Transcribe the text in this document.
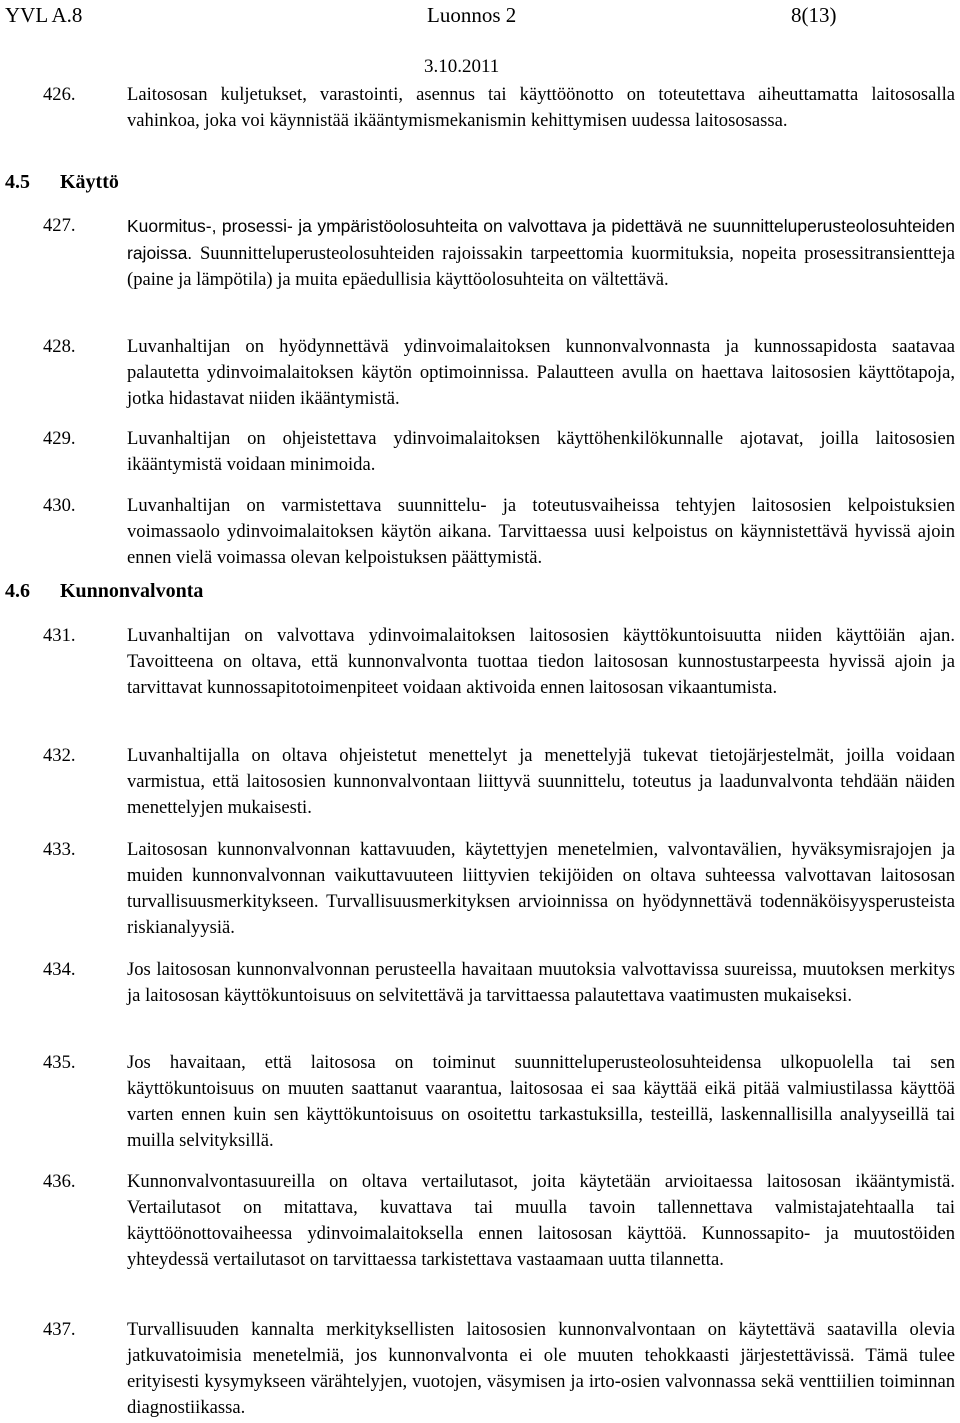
YVL A.8	Luonnos 2	8(13)
3.10.2011
426.	Laitososan kuljetukset, varastointi, asennus tai käyttöönotto on toteutettava aiheuttamatta laitososalla vahinkoa, joka voi käynnistää ikääntymismekanismin kehittymisen uudessa laitososassa.
4.5 Käyttö
427.	Kuormitus-, prosessi- ja ympäristöolosuhteita on valvottava ja pidettävä ne suunnitteluperusteolosuhteiden rajoissa. Suunnitteluperusteolosuhteiden rajoissakin tarpeettomia kuormituksia, nopeita prosessitransientteja (paine ja lämpötila) ja muita epäedullisia käyttöolosuhteita on vältettävä.
428.	Luvanhaltijan on hyödynnettävä ydinvoimalaitoksen kunnonvalvonnasta ja kunnossapidosta saatavaa palautetta ydinvoimalaitoksen käytön optimoinnissa. Palautteen avulla on haettava laitososien käyttötapoja, jotka hidastavat niiden ikääntymistä.
429.	Luvanhaltijan on ohjeistettava ydinvoimalaitoksen käyttöhenkilökunnalle ajotavat, joilla laitososien ikääntymistä voidaan minimoida.
430.	Luvanhaltijan on varmistettava suunnittelu- ja toteutusvaiheissa tehtyjen laitososien kelpoistuksien voimassaolo ydinvoimalaitoksen käytön aikana. Tarvittaessa uusi kelpoistus on käynnistettävä hyvissä ajoin ennen vielä voimassa olevan kelpoistuksen päättymistä.
4.6 Kunnonvalvonta
431.	Luvanhaltijan on valvottava ydinvoimalaitoksen laitososien käyttökuntoisuutta niiden käyttöiän ajan. Tavoitteena on oltava, että kunnonvalvonta tuottaa tiedon laitososan kunnostustarpeesta hyvissä ajoin ja tarvittavat kunnossapitotoimenpiteet voidaan aktivoida ennen laitososan vikaantumista.
432.	Luvanhaltijalla on oltava ohjeistetut menettelyt ja menettelyjä tukevat tietojärjestelmät, joilla voidaan varmistua, että laitososien kunnonvalvontaan liittyvä suunnittelu, toteutus ja laadunvalvonta tehdään näiden menettelyjen mukaisesti.
433.	Laitososan kunnonvalvonnan kattavuuden, käytettyjen menetelmien, valvontavälien, hyväksymisrajojen ja muiden kunnonvalvonnan vaikuttavuuteen liittyvien tekijöiden on oltava suhteessa valvottavan laitososan turvallisuusmerkitykseen. Turvallisuusmerkityksen arvioinnissa on hyödynnettävä todennäköisyysperusteista riskianalyysiä.
434.	Jos laitososan kunnonvalvonnan perusteella havaitaan muutoksia valvottavissa suureissa, muutoksen merkitys ja laitososan käyttökuntoisuus on selvitettävä ja tarvittaessa palautettava vaatimusten mukaiseksi.
435.	Jos havaitaan, että laitososa on toiminut suunnitteluperusteolosuhteidensa ulkopuolella tai sen käyttökuntoisuus on muuten saattanut vaarantua, laitososaa ei saa käyttää eikä pitää valmiustilassa käyttöä varten ennen kuin sen käyttökuntoisuus on osoitettu tarkastuksilla, testeillä, laskennallisilla analyyseillä tai muilla selvityksillä.
436.	Kunnonvalvontasuureilla on oltava vertailutasot, joita käytetään arvioitaessa laitososan ikääntymistä. Vertailutasot on mitattava, kuvattava tai muulla tavoin tallennettava valmistajatehtaalla tai käyttöönottovaiheessa ydinvoimalaitoksella ennen laitososan käyttöä. Kunnossapito- ja muutostöiden yhteydessä vertailutasot on tarvittaessa tarkistettava vastaamaan uutta tilannetta.
437.	Turvallisuuden kannalta merkityksellisten laitososien kunnonvalvontaan on käytettävä saatavilla olevia jatkuvatoimisia menetelmiä, jos kunnonvalvonta ei ole muuten tehokkaasti järjestettävissä. Tämä tulee erityisesti kysymykseen värähtelyjen, vuotojen, väsymisen ja irto-osien valvonnassa sekä venttiilien toiminnan diagnostiikassa.
